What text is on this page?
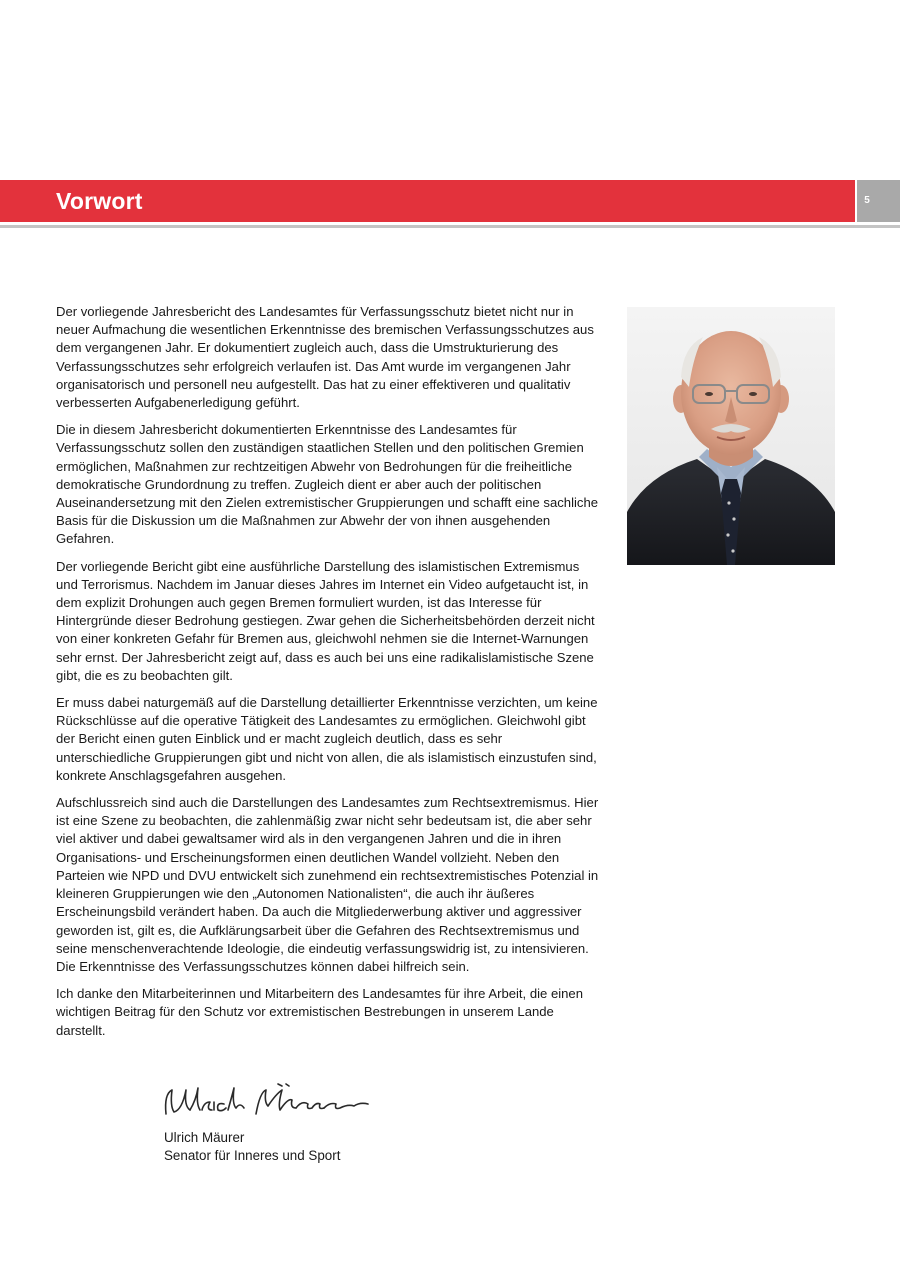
Vorwort	5

Der vorliegende Jahresbericht des Landesamtes für Verfassungsschutz bietet nicht nur in neuer Aufmachung die wesentlichen Erkenntnisse des bremischen Verfassungsschutzes aus dem vergangenen Jahr. Er dokumentiert zugleich auch, dass die Umstrukturierung des Verfassungsschutzes sehr erfolgreich verlaufen ist. Das Amt wurde im vergangenen Jahr organisatorisch und personell neu aufgestellt. Das hat zu einer effektiveren und qualitativ verbesserten Aufgabenerledigung geführt.

Die in diesem Jahresbericht dokumentierten Erkenntnisse des Landesamtes für Verfassungsschutz sollen den zuständigen staatlichen Stellen und den politischen Gremien ermöglichen, Maßnahmen zur rechtzeitigen Abwehr von Bedrohungen für die freiheitliche demokratische Grundordnung zu treffen. Zugleich dient er aber auch der politischen Auseinandersetzung mit den Zielen extremistischer Gruppierungen und schafft eine sachliche Basis für die Diskussion um die Maßnahmen zur Abwehr der von ihnen ausgehenden Gefahren.

Der vorliegende Bericht gibt eine ausführliche Darstellung des islamistischen Extremismus und Terrorismus. Nachdem im Januar dieses Jahres im Internet ein Video aufgetaucht ist, in dem explizit Drohungen auch gegen Bremen formuliert wurden, ist das Interesse für Hintergründe dieser Bedrohung gestiegen. Zwar gehen die Sicherheitsbehörden derzeit nicht von einer konkreten Gefahr für Bremen aus, gleichwohl nehmen sie die Internet-Warnungen sehr ernst. Der Jahresbericht zeigt auf, dass es auch bei uns eine radikalislamistische Szene gibt, die es zu beobachten gilt.

Er muss dabei naturgemäß auf die Darstellung detaillierter Erkenntnisse verzichten, um keine Rückschlüsse auf die operative Tätigkeit des Landesamtes zu ermöglichen. Gleichwohl gibt der Bericht einen guten Einblick und er macht zugleich deutlich, dass es sehr unterschiedliche Gruppierungen gibt und nicht von allen, die als islamistisch einzustufen sind, konkrete Anschlagsgefahren ausgehen.

Aufschlussreich sind auch die Darstellungen des Landesamtes zum Rechtsextremismus. Hier ist eine Szene zu beobachten, die zahlenmäßig zwar nicht sehr bedeutsam ist, die aber sehr viel aktiver und dabei gewaltsamer wird als in den vergangenen Jahren und die in ihren Organisations- und Erscheinungsformen einen deutlichen Wandel vollzieht. Neben den Parteien wie NPD und DVU entwickelt sich zunehmend ein rechtsextremistisches Potenzial in kleineren Gruppierungen wie den „Autonomen Nationalisten“, die auch ihr äußeres Erscheinungsbild verändert haben. Da auch die Mitgliederwerbung aktiver und aggressiver geworden ist, gilt es, die Aufklärungsarbeit über die Gefahren des Rechtsextremismus und seine menschenverachtende Ideologie, die eindeutig verfassungswidrig ist, zu intensivieren. Die Erkenntnisse des Verfassungsschutzes können dabei hilfreich sein.

Ich danke den Mitarbeiterinnen und Mitarbeitern des Landesamtes für ihre Arbeit, die einen wichtigen Beitrag für den Schutz vor extremistischen Bestrebungen in unserem Lande darstellt.

Ulrich Mäurer
Senator für Inneres und Sport
